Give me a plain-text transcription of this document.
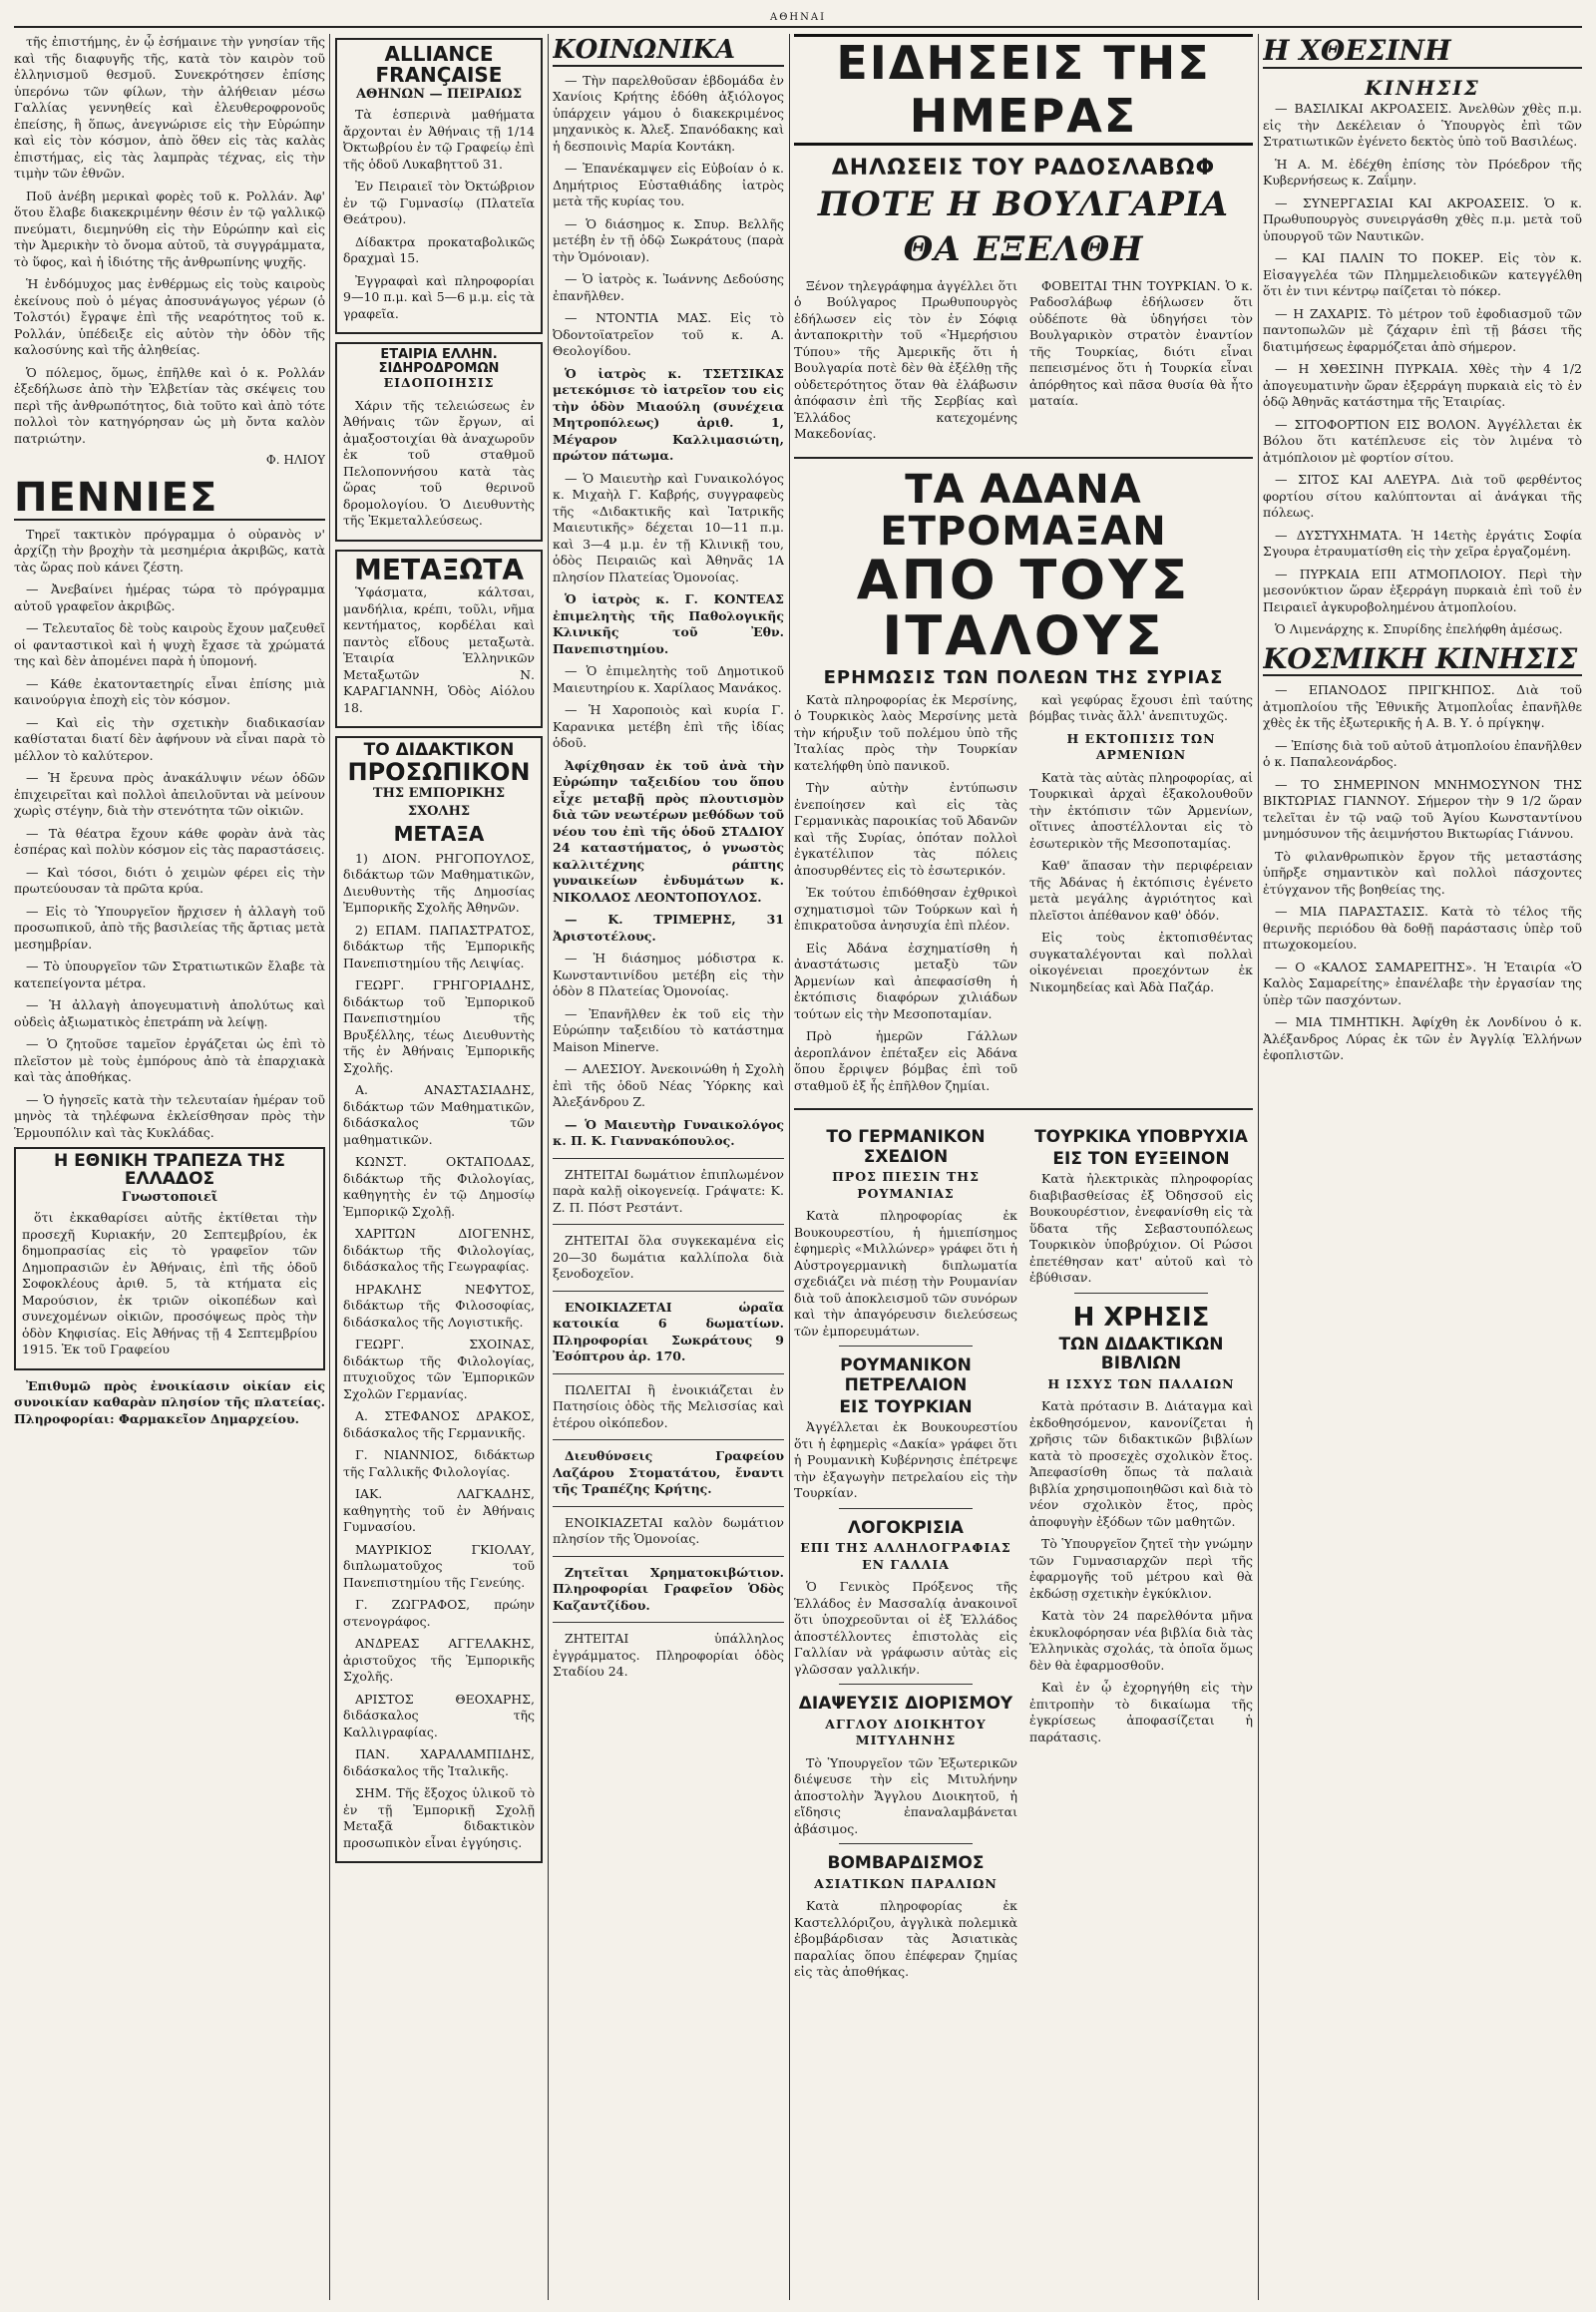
ΑΘΗΝΑΙ

τῆς ἐπιστήμης, ἐν ᾧ ἐσήμαινε τὴν γνησίαν τῆς καὶ τῆς διαφυγῆς τῆς, κατὰ τὸν καιρὸν τοῦ ἐλληνισμοῦ θεσμοῦ. Συνεκρότησεν ἐπίσης ὑπερόνω τῶν φίλων, τὴν ἀλήθειαν μέσω Γαλλίας γεννηθείς καὶ ἐλευθεροφρονοῦς ἐπείσης, ἢ ὅπως, ἀνεγνώρισε εἰς τὴν Εὐρώπην καὶ εἰς τὸν κόσμον, ἀπὸ ὅθεν εἰς τὰς καλὰς ἐπιστήμας, εἰς τὰς λαμπρὰς τέχνας, εἰς τὴν τιμὴν τῶν ἐθνῶν.

Ποῦ ἀνέβη μερικαὶ φορὲς τοῦ κ. Ρολλάν. Ἀφ' ὅτου ἔλαβε διακεκριμένην θέσιν ἐν τῷ γαλλικῷ πνεύματι, διεμηνύθη εἰς τὴν Εὐρώπην καὶ εἰς τὴν Ἀμερικὴν τὸ ὄνομα αὐτοῦ, τὰ συγγράμματα, τὸ ὕφος, καὶ ἡ ἰδιότης τῆς ἀνθρωπίνης ψυχῆς.

Ἡ ἐνδόμυχος μας ἐνθέρμως εἰς τοὺς καιροὺς ἐκείνους ποὺ ὁ μέγας ἀποσυνάγωγος γέρων (ὁ Τολστόι) ἔγραψε ἐπὶ τῆς νεαρότητος τοῦ κ. Ρολλάν, ὑπέδειξε εἰς αὐτὸν τὴν ὁδὸν τῆς καλοσύνης καὶ τῆς ἀληθείας.

Ὁ πόλεμος, ὅμως, ἐπῆλθε καὶ ὁ κ. Ρολλάν ἐξεδήλωσε ἀπὸ τὴν Ἑλβετίαν τὰς σκέψεις του περὶ τῆς ἀνθρωπότητος, διὰ τοῦτο καὶ ἀπὸ τότε πολλοὶ τὸν κατηγόρησαν ὡς μὴ ὄντα καλὸν πατριώτην.

Φ. ΗΛΙΟΥ
ΠΕΝΝΙΕΣ

Τηρεῖ τακτικὸν πρόγραμμα ὁ οὐρανὸς ν' ἀρχίζῃ τὴν βροχὴν τὰ μεσημέρια ἀκριβῶς, κατὰ τὰς ὥρας ποὺ κάνει ζέστη.

— Ἀνεβαίνει ἡμέρας τώρα τὸ πρόγραμμα αὐτοῦ γραφεῖον ἀκριβῶς.

— Τελευταῖος δὲ τοὺς καιροὺς ἔχουν μαζευθεῖ οἱ φανταστικοὶ καὶ ἡ ψυχὴ ἔχασε τὰ χρώματά της καὶ δὲν ἀπομένει παρὰ ἡ ὑπομονή.

— Κάθε ἐκατονταετηρίς εἶναι ἐπίσης μιὰ καινούργια ἐποχὴ εἰς τὸν κόσμον.

— Καὶ εἰς τὴν σχετικὴν διαδικασίαν καθίσταται διατί δὲν ἀφήνουν νὰ εἶναι παρὰ τὸ μέλλον τὸ καλύτερον.

— Ἡ ἔρευνα πρὸς ἀνακάλυψιν νέων ὁδῶν ἐπιχειρεῖται καὶ πολλοὶ ἀπειλοῦνται νὰ μείνουν χωρὶς στέγην, διὰ τὴν στενότητα τῶν οἰκιῶν.

— Τὰ θέατρα ἔχουν κάθε φορὰν ἀνὰ τὰς ἑσπέρας καὶ πολὺν κόσμον εἰς τὰς παραστάσεις.

— Καὶ τόσοι, διότι ὁ χειμὼν φέρει εἰς τὴν πρωτεύουσαν τὰ πρῶτα κρύα.

— Εἰς τὸ Ὑπουργεῖον ἤρχισεν ἡ ἀλλαγὴ τοῦ προσωπικοῦ, ἀπὸ τῆς βασιλείας τῆς ἄρτιας μετὰ μεσημβρίαν.

— Τὸ ὑπουργεῖον τῶν Στρατιωτικῶν ἔλαβε τὰ κατεπείγοντα μέτρα.

— Ἡ ἀλλαγὴ ἀπογευματινὴ ἀπολύτως καὶ οὐδεὶς ἀξιωματικὸς ἐπετράπη νὰ λείψῃ.

— Ὁ ζητοῦσε ταμεῖον ἐργάζεται ὡς ἐπὶ τὸ πλεῖστον μὲ τοὺς ἐμπόρους ἀπὸ τὰ ἐπαρχιακὰ καὶ τὰς ἀποθήκας.

— Ὁ ἠγησεῖς κατὰ τὴν τελευταίαν ἡμέραν τοῦ μηνὸς τὰ τηλέφωνα ἐκλείσθησαν πρὸς τὴν Ἑρμουπόλιν καὶ τὰς Κυκλάδας.

Η ΕΘΝΙΚΗ ΤΡΑΠΕΖΑ ΤΗΣ ΕΛΛΑΔΟΣ
Γνωστοποιεῖ

ὅτι ἐκκαθαρίσει αὐτῆς ἐκτίθεται τὴν προσεχῆ Κυριακήν, 20 Σεπτεμβρίου, ἐκ δημοπρασίας εἰς τὸ γραφεῖον τῶν Δημοπρασιῶν ἐν Ἀθήναις, ἐπὶ τῆς ὁδοῦ Σοφοκλέους ἀριθ. 5, τὰ κτήματα εἰς Μαρούσιον, ἐκ τριῶν οἰκοπέδων καὶ συνεχομένων οἰκιῶν, προσόψεως πρὸς τὴν ὁδὸν Κηφισίας. Εἰς Ἀθήνας τῇ 4 Σεπτεμβρίου 1915. Ἐκ τοῦ Γραφείου

Ἐπιθυμῶ πρὸς ἐνοικίασιν οἰκίαν εἰς συνοικίαν καθαρὰν πλησίον τῆς πλατείας. Πληροφορίαι: Φαρμακεῖον Δημαρχείου.

ALLIANCE FRANÇAISE
ΑΘΗΝΩΝ — ΠΕΙΡΑΙΩΣ

Τὰ ἑσπερινὰ μαθήματα ἄρχονται ἐν Ἀθήναις τῇ 1/14 Ὀκτωβρίου ἐν τῷ Γραφείῳ ἐπὶ τῆς ὁδοῦ Λυκαβηττοῦ 31.

Ἐν Πειραιεῖ τὸν Ὀκτώβριον ἐν τῷ Γυμνασίῳ (Πλατεῖα Θεάτρου).

Δίδακτρα προκαταβολικῶς δραχμαὶ 15.

Ἐγγραφαὶ καὶ πληροφορίαι 9—10 π.μ. καὶ 5—6 μ.μ. εἰς τὰ γραφεῖα.

ΕΤΑΙΡΙΑ ΕΛΛΗΝ. ΣΙΔΗΡΟΔΡΟΜΩΝ
ΕΙΔΟΠΟΙΗΣΙΣ

Χάριν τῆς τελειώσεως ἐν Ἀθήναις τῶν ἔργων, αἱ ἀμαξοστοιχίαι θὰ ἀναχωροῦν ἐκ τοῦ σταθμοῦ Πελοποννήσου κατὰ τὰς ὥρας τοῦ θερινοῦ δρομολογίου. Ὁ Διευθυντὴς τῆς Ἐκμεταλλεύσεως.

ΜΕΤΑΞΩΤΑ

Ὑφάσματα, κάλτσαι, μανδήλια, κρέπι, τοῦλι, νῆμα κεντήματος, κορδέλαι καὶ παντὸς εἴδους μεταξωτὰ. Ἑταιρία Ἑλληνικῶν Μεταξωτῶν Ν. ΚΑΡΑΓΙΑΝΝΗ, Ὁδὸς Αἰόλου 18.

ΤΟ ΔΙΔΑΚΤΙΚΟΝ
ΠΡΟΣΩΠΙΚΟΝ
ΤΗΣ ΕΜΠΟΡΙΚΗΣ ΣΧΟΛΗΣ
ΜΕΤΑΞΑ

1) ΔΙΟΝ. ΡΗΓΟΠΟΥΛΟΣ, διδάκτωρ τῶν Μαθηματικῶν, Διευθυντὴς τῆς Δημοσίας Ἐμπορικῆς Σχολῆς Ἀθηνῶν.

2) ΕΠΑΜ. ΠΑΠΑΣΤΡΑΤΟΣ, διδάκτωρ τῆς Ἐμπορικῆς Πανεπιστημίου τῆς Λειψίας.

ΓΕΩΡΓ. ΓΡΗΓΟΡΙΑΔΗΣ, διδάκτωρ τοῦ Ἐμπορικοῦ Πανεπιστημίου τῆς Βρυξέλλης, τέως Διευθυντὴς τῆς ἐν Ἀθήναις Ἐμπορικῆς Σχολῆς.

Α. ΑΝΑΣΤΑΣΙΑΔΗΣ, διδάκτωρ τῶν Μαθηματικῶν, διδάσκαλος τῶν μαθηματικῶν.

ΚΩΝΣΤ. ΟΚΤΑΠΟΔΑΣ, διδάκτωρ τῆς Φιλολογίας, καθηγητὴς ἐν τῷ Δημοσίῳ Ἐμπορικῷ Σχολῇ.

ΧΑΡΙΤΩΝ ΔΙΟΓΕΝΗΣ, διδάκτωρ τῆς Φιλολογίας, διδάσκαλος τῆς Γεωγραφίας.

ΗΡΑΚΛΗΣ ΝΕΦΥΤΟΣ, διδάκτωρ τῆς Φιλοσοφίας, διδάσκαλος τῆς Λογιστικῆς.

ΓΕΩΡΓ. ΣΧΟΙΝΑΣ, διδάκτωρ τῆς Φιλολογίας, πτυχιοῦχος τῶν Ἐμπορικῶν Σχολῶν Γερμανίας.

Α. ΣΤΕΦΑΝΟΣ ΔΡΑΚΟΣ, διδάσκαλος τῆς Γερμανικῆς.

Γ. ΝΙΑΝΝΙΟΣ, διδάκτωρ τῆς Γαλλικῆς Φιλολογίας.

ΙΑΚ. ΛΑΓΚΑΔΗΣ, καθηγητὴς τοῦ ἐν Ἀθήναις Γυμνασίου.

ΜΑΥΡΙΚΙΟΣ ΓΚΙΟΛΑΥ, διπλωματοῦχος τοῦ Πανεπιστημίου τῆς Γενεύης.

Γ. ΖΩΓΡΑΦΟΣ, πρώην στενογράφος.

ΑΝΔΡΕΑΣ ΑΓΓΕΛΑΚΗΣ, ἀριστοῦχος τῆς Ἐμπορικῆς Σχολῆς.

ΑΡΙΣΤΟΣ ΘΕΟΧΑΡΗΣ, διδάσκαλος τῆς Καλλιγραφίας.

ΠΑΝ. ΧΑΡΑΛΑΜΠΙΔΗΣ, διδάσκαλος τῆς Ἰταλικῆς.

ΣΗΜ. Τῆς ἔξοχος ὑλικοῦ τὸ ἐν τῇ Ἐμπορικῇ Σχολῇ Μεταξᾶ διδακτικὸν προσωπικὸν εἶναι ἐγγύησις.

ΚΟΙΝΩΝΙΚΑ

— Τὴν παρελθοῦσαν ἑβδομάδα ἐν Χανίοις Κρήτης ἐδόθη ἀξιόλογος ὑπάρχειν γάμου ὁ διακεκριμένος μηχανικὸς κ. Ἀλεξ. Σπανόδακης καὶ ἡ δεσποινὶς Μαρία Κοντάκη.

— Ἐπανέκαμψεν εἰς Εὐβοίαν ὁ κ. Δημήτριος Εὐσταθιάδης ἰατρὸς μετὰ τῆς κυρίας του.

— Ὁ διάσημος κ. Σπυρ. Βελλῆς μετέβη ἐν τῇ ὁδῷ Σωκράτους (παρὰ τὴν Ὁμόνοιαν).

— Ὁ ἰατρὸς κ. Ἰωάννης Δεδούσης ἐπανῆλθεν.

— ΝΤΟΝΤΙΑ ΜΑΣ. Εἰς τὸ Ὀδοντοϊατρεῖον τοῦ κ. Α. Θεολογίδου.

Ὁ ἰατρὸς κ. ΤΣΕΤΣΙΚΑΣ μετεκόμισε τὸ ἰατρεῖον του εἰς τὴν ὁδὸν Μιαούλη (συνέχεια Μητροπόλεως) ἀριθ. 1, Μέγαρον Καλλιμασιώτη, πρώτον πάτωμα.

— Ὁ Μαιευτὴρ καὶ Γυναικολόγος κ. Μιχαὴλ Γ. Καβρής, συγγραφεὺς τῆς «Διδακτικῆς καὶ Ἰατρικῆς Μαιευτικῆς» δέχεται 10—11 π.μ. καὶ 3—4 μ.μ. ἐν τῇ Κλινικῇ του, ὁδὸς Πειραιῶς καὶ Ἀθηνᾶς 1Α πλησίον Πλατείας Ὁμονοίας.

Ὁ ἰατρὸς κ. Γ. ΚΟΝΤΕΑΣ ἐπιμελητὴς τῆς Παθολογικῆς Κλινικῆς τοῦ Ἐθν. Πανεπιστημίου.

— Ὁ ἐπιμελητὴς τοῦ Δημοτικοῦ Μαιευτηρίου κ. Χαρίλαος Μανάκος.

— Ἡ Χαροποιὸς καὶ κυρία Γ. Καρανικα μετέβη ἐπὶ τῆς ἰδίας ὁδοῦ.

Ἀφίχθησαν ἐκ τοῦ ἀνὰ τὴν Εὐρώπην ταξειδίου του ὅπου εἶχε μεταβῇ πρὸς πλουτισμὸν διὰ τῶν νεωτέρων μεθόδων τοῦ νέου του ἐπὶ τῆς ὁδοῦ ΣΤΑΔΙΟΥ 24 καταστήματος, ὁ γνωστὸς καλλιτέχνης ράπτης γυναικείων ἐνδυμάτων κ. ΝΙΚΟΛΑΟΣ ΛΕΟΝΤΟΠΟΥΛΟΣ.

— Κ. ΤΡΙΜΕΡΗΣ, 31 Ἀριστοτέλους.

— Ἡ διάσημος μόδιστρα κ. Κωνσταντινίδου μετέβη εἰς τὴν ὁδὸν 8 Πλατείας Ὁμονοίας.

— Ἐπανῆλθεν ἐκ τοῦ εἰς τὴν Εὐρώπην ταξειδίου τὸ κατάστημα Maison Minerve.

— ΑΛΕΣΙΟΥ. Ἀνεκοινώθη ἡ Σχολὴ ἐπὶ τῆς ὁδοῦ Νέας Ὑόρκης καὶ Ἀλεξάνδρου Ζ.

— Ὁ Μαιευτὴρ Γυναικολόγος κ. Π. Κ. Γιαννακόπουλος.

ΖΗΤΕΙΤΑΙ δωμάτιον ἐπιπλωμένον παρὰ καλῇ οἰκογενείᾳ. Γράψατε: Κ. Ζ. Π. Πόστ Ρεστάντ.

ΖΗΤΕΙΤΑΙ ὅλα συγκεκαμένα εἰς 20—30 δωμάτια καλλίπολα διὰ ξενοδοχεῖον.

ΕΝΟΙΚΙΑΖΕΤΑΙ ὡραῖα κατοικία 6 δωματίων. Πληροφορίαι Σωκράτους 9 Ἐσόπτρου ἀρ. 170.

ΠΩΛΕΙΤΑΙ ἢ ἐνοικιάζεται ἐν Πατησίοις ὁδὸς τῆς Μελισσίας καὶ ἑτέρου οἰκόπεδον.

Διευθύνσεις Γραφείου Λαζάρου Στοματάτου, ἔναντι τῆς Τραπέζης Κρήτης.

ΕΝΟΙΚΙΑΖΕΤΑΙ καλὸν δωμάτιον πλησίον τῆς Ὁμονοίας.

Ζητεῖται Χρηματοκιβώτιον. Πληροφορίαι Γραφεῖον Ὁδὸς Καζαντζίδου.

ΖΗΤΕΙΤΑΙ ὑπάλληλος ἐγγράμματος. Πληροφορίαι ὁδὸς Σταδίου 24.

ΕΙΔΗΣΕΙΣ ΤΗΣ ΗΜΕΡΑΣ
ΔΗΛΩΣΕΙΣ ΤΟΥ ΡΑΔΟΣΛΑΒΩΦ
ΠΟΤΕ Η ΒΟΥΛΓΑΡΙΑ ΘΑ ΕΞΕΛΘΗ

Ξένον τηλεγράφημα ἀγγέλλει ὅτι ὁ Βούλγαρος Πρωθυπουργὸς ἐδήλωσεν εἰς τὸν ἐν Σόφιᾳ ἀνταποκριτὴν τοῦ «Ἠμερήσιου Τύπου» τῆς Ἀμερικῆς ὅτι ἡ Βουλγαρία ποτὲ δὲν θὰ ἐξέλθῃ τῆς οὐδετερότητος ὅταν θὰ ἐλάβωσιν ἀπόφασιν ἐπὶ τῆς Σερβίας καὶ Ἑλλάδος κατεχομένης Μακεδονίας.

ΦΟΒΕΙΤΑΙ ΤΗΝ ΤΟΥΡΚΙΑΝ. Ὁ κ. Ραδοσλάβωφ ἐδήλωσεν ὅτι οὐδέποτε θὰ ὑδηγήσει τὸν Βουλγαρικὸν στρατὸν ἐναντίον τῆς Τουρκίας, διότι εἶναι πεπεισμένος ὅτι ἡ Τουρκία εἶναι ἀπόρθητος καὶ πᾶσα θυσία θὰ ἦτο ματαία.

ΤΑ ΑΔΑΝΑ ΕΤΡΟΜΑΞΑΝ
ΑΠΟ ΤΟΥΣ ΙΤΑΛΟΥΣ
ΕΡΗΜΩΣΙΣ ΤΩΝ ΠΟΛΕΩΝ ΤΗΣ ΣΥΡΙΑΣ

Κατὰ πληροφορίας ἐκ Μερσίνης, ὁ Τουρκικὸς λαὸς Μερσίνης μετὰ τὴν κήρυξιν τοῦ πολέμου ὑπὸ τῆς Ἰταλίας πρὸς τὴν Τουρκίαν κατελήφθη ὑπὸ πανικοῦ.

Τὴν αὐτὴν ἐντύπωσιν ἐνεποίησεν καὶ εἰς τὰς Γερμανικὰς παροικίας τοῦ Ἀδανῶν καὶ τῆς Συρίας, ὁπόταν πολλοὶ ἐγκατέλιπον τὰς πόλεις ἀποσυρθέντες εἰς τὸ ἐσωτερικόν.

Ἐκ τούτου ἐπιδόθησαν ἐχθρικοὶ σχηματισμοὶ τῶν Τούρκων καὶ ἡ ἐπικρατοῦσα ἀνησυχία ἐπὶ πλέον.

Εἰς Ἀδάνα ἐσχηματίσθη ἡ ἀναστάτωσις μεταξὺ τῶν Ἀρμενίων καὶ ἀπεφασίσθη ἡ ἐκτόπισις διαφόρων χιλιάδων τούτων εἰς τὴν Μεσοποταμίαν.

Πρὸ ἡμερῶν Γάλλων ἀεροπλάνον ἐπέταξεν εἰς Ἀδάνα ὅπου ἔρριψεν βόμβας ἐπὶ τοῦ σταθμοῦ ἐξ ἧς ἐπῆλθον ζημίαι.

καὶ γεφύρας ἔχουσι ἐπὶ ταύτης βόμβας τινὰς ἄλλ' ἀνεπιτυχῶς.

Η ΕΚΤΟΠΙΣΙΣ ΤΩΝ ΑΡΜΕΝΙΩΝ

Κατὰ τὰς αὐτὰς πληροφορίας, αἱ Τουρκικαὶ ἀρχαὶ ἐξακολουθοῦν τὴν ἐκτόπισιν τῶν Ἀρμενίων, οἵτινες ἀποστέλλονται εἰς τὸ ἐσωτερικὸν τῆς Μεσοποταμίας.

Καθ' ἅπασαν τὴν περιφέρειαν τῆς Ἀδάνας ἡ ἐκτόπισις ἐγένετο μετὰ μεγάλης ἀγριότητος καὶ πλεῖστοι ἀπέθανον καθ' ὁδόν.

Εἰς τοὺς ἐκτοπισθέντας συγκαταλέγονται καὶ πολλαὶ οἰκογένειαι προεχόντων ἐκ Νικομηδείας καὶ Ἀδὰ Παζάρ.

ΤΟ ΓΕΡΜΑΝΙΚΟΝ ΣΧΕΔΙΟΝ
ΠΡΟΣ ΠΙΕΣΙΝ ΤΗΣ ΡΟΥΜΑΝΙΑΣ

Κατὰ πληροφορίας ἐκ Βουκουρεστίου, ἡ ἡμιεπίσημος ἐφημερὶς «Μιλλώνερ» γράφει ὅτι ἡ Αὐστρογερμανικὴ διπλωματία σχεδιάζει νὰ πιέσῃ τὴν Ρουμανίαν διὰ τοῦ ἀποκλεισμοῦ τῶν συνόρων καὶ τὴν ἀπαγόρευσιν διελεύσεως τῶν ἐμπορευμάτων.

ΡΟΥΜΑΝΙΚΟΝ ΠΕΤΡΕΛΑΙΟΝ
ΕΙΣ ΤΟΥΡΚΙΑΝ

Ἀγγέλλεται ἐκ Βουκουρεστίου ὅτι ἡ ἐφημερὶς «Δακία» γράφει ὅτι ἡ Ρουμανικὴ Κυβέρνησις ἐπέτρεψε τὴν ἐξαγωγὴν πετρελαίου εἰς τὴν Τουρκίαν.

ΛΟΓΟΚΡΙΣΙΑ
ΕΠΙ ΤΗΣ ΑΛΛΗΛΟΓΡΑΦΙΑΣ ΕΝ ΓΑΛΛΙΑ

Ὁ Γενικὸς Πρόξενος τῆς Ἑλλάδος ἐν Μασσαλίᾳ ἀνακοινοῖ ὅτι ὑποχρεοῦνται οἱ ἐξ Ἑλλάδος ἀποστέλλοντες ἐπιστολὰς εἰς Γαλλίαν νὰ γράφωσιν αὐτὰς εἰς γλῶσσαν γαλλικήν.

ΔΙΑΨΕΥΣΙΣ ΔΙΟΡΙΣΜΟΥ
ΑΓΓΛΟΥ ΔΙΟΙΚΗΤΟΥ ΜΙΤΥΛΗΝΗΣ

Τὸ Ὑπουργεῖον τῶν Ἐξωτερικῶν διέψευσε τὴν εἰς Μιτυλήνην ἀποστολὴν Ἄγγλου Διοικητοῦ, ἡ εἴδησις ἐπαναλαμβάνεται ἀβάσιμος.

ΒΟΜΒΑΡΔΙΣΜΟΣ
ΑΣΙΑΤΙΚΩΝ ΠΑΡΑΛΙΩΝ

Κατὰ πληροφορίας ἐκ Καστελλόριζου, ἀγγλικὰ πολεμικὰ ἐβομβάρδισαν τὰς Ἀσιατικὰς παραλίας ὅπου ἐπέφεραν ζημίας εἰς τὰς ἀποθήκας.

ΤΟΥΡΚΙΚΑ ΥΠΟΒΡΥΧΙΑ
ΕΙΣ ΤΟΝ ΕΥΞΕΙΝΟΝ

Κατὰ ἠλεκτρικὰς πληροφορίας διαβιβασθείσας ἐξ Ὀδησσοῦ εἰς Βουκουρέστιον, ἐνεφανίσθη εἰς τὰ ὕδατα τῆς Σεβαστουπόλεως Τουρκικὸν ὑποβρύχιον. Οἱ Ρώσοι ἐπετέθησαν κατ' αὐτοῦ καὶ τὸ ἐβύθισαν.

Η ΧΡΗΣΙΣ
ΤΩΝ ΔΙΔΑΚΤΙΚΩΝ ΒΙΒΛΙΩΝ
Η ΙΣΧΥΣ ΤΩΝ ΠΑΛΑΙΩΝ

Κατὰ πρότασιν Β. Διάταγμα καὶ ἐκδοθησόμενον, κανονίζεται ἡ χρῆσις τῶν διδακτικῶν βιβλίων κατὰ τὸ προσεχὲς σχολικὸν ἔτος. Ἀπεφασίσθη ὅπως τὰ παλαιὰ βιβλία χρησιμοποιηθῶσι καὶ διὰ τὸ νέον σχολικὸν ἔτος, πρὸς ἀποφυγὴν ἐξόδων τῶν μαθητῶν.

Τὸ Ὑπουργεῖον ζητεῖ τὴν γνώμην τῶν Γυμνασιαρχῶν περὶ τῆς ἐφαρμογῆς τοῦ μέτρου καὶ θὰ ἐκδώσῃ σχετικὴν ἐγκύκλιον.

Κατὰ τὸν 24 παρελθόντα μῆνα ἐκυκλοφόρησαν νέα βιβλία διὰ τὰς Ἑλληνικὰς σχολάς, τὰ ὁποῖα ὅμως δὲν θὰ ἐφαρμοσθοῦν.

Καὶ ἐν ᾧ ἐχορηγήθη εἰς τὴν ἐπιτροπὴν τὸ δικαίωμα τῆς ἐγκρίσεως ἀποφασίζεται ἡ παράτασις.

Η ΧΘΕΣΙΝΗ
ΚΙΝΗΣΙΣ

— ΒΑΣΙΛΙΚΑΙ ΑΚΡΟΑΣΕΙΣ. Ἀνελθὼν χθὲς π.μ. εἰς τὴν Δεκέλειαν ὁ Ὑπουργὸς ἐπὶ τῶν Στρατιωτικῶν ἐγένετο δεκτὸς ὑπὸ τοῦ Βασιλέως.

Ἡ Α. Μ. ἐδέχθη ἐπίσης τὸν Πρόεδρον τῆς Κυβερνήσεως κ. Ζαΐμην.

— ΣΥΝΕΡΓΑΣΙΑΙ ΚΑΙ ΑΚΡΟΑΣΕΙΣ. Ὁ κ. Πρωθυπουργὸς συνειργάσθη χθὲς π.μ. μετὰ τοῦ ὑπουργοῦ τῶν Ναυτικῶν.

— ΚΑΙ ΠΑΛΙΝ ΤΟ ΠΟΚΕΡ. Εἰς τὸν κ. Εἰσαγγελέα τῶν Πλημμελειοδικῶν κατεγγέλθη ὅτι ἐν τινι κέντρῳ παίζεται τὸ πόκερ.

— Η ΖΑΧΑΡΙΣ. Τὸ μέτρον τοῦ ἐφοδιασμοῦ τῶν παντοπωλῶν μὲ ζάχαριν ἐπὶ τῇ βάσει τῆς διατιμήσεως ἐφαρμόζεται ἀπὸ σήμερον.

— Η ΧΘΕΣΙΝΗ ΠΥΡΚΑΙΑ. Χθὲς τὴν 4 1/2 ἀπογευματινὴν ὥραν ἐξερράγη πυρκαιὰ εἰς τὸ ἐν ὁδῷ Ἀθηνᾶς κατάστημα τῆς Ἑταιρίας.

— ΣΙΤΟΦΟΡΤΙΟΝ ΕΙΣ ΒΟΛΟΝ. Ἀγγέλλεται ἐκ Βόλου ὅτι κατέπλευσε εἰς τὸν λιμένα τὸ ἀτμόπλοιον μὲ φορτίον σίτου.

— ΣΙΤΟΣ ΚΑΙ ΑΛΕΥΡΑ. Διὰ τοῦ φερθέντος φορτίου σίτου καλύπτονται αἱ ἀνάγκαι τῆς πόλεως.

— ΔΥΣΤΥΧΗΜΑΤΑ. Ἡ 14ετὴς ἐργάτις Σοφία Σγουρα ἐτραυματίσθη εἰς τὴν χεῖρα ἐργαζομένη.

— ΠΥΡΚΑΙΑ ΕΠΙ ΑΤΜΟΠΛΟΙΟΥ. Περὶ τὴν μεσονύκτιον ὥραν ἐξερράγη πυρκαιὰ ἐπὶ τοῦ ἐν Πειραιεῖ ἀγκυροβολημένου ἀτμοπλοίου.

Ὁ Λιμενάρχης κ. Σπυρίδης ἐπελήφθη ἀμέσως.

ΚΟΣΜΙΚΗ ΚΙΝΗΣΙΣ

— ΕΠΑΝΟΔΟΣ ΠΡΙΓΚΗΠΟΣ. Διὰ τοῦ ἀτμοπλοίου τῆς Ἐθνικῆς Ἀτμοπλοΐας ἐπανῆλθε χθὲς ἐκ τῆς ἐξωτερικῆς ἡ Α. Β. Υ. ὁ πρίγκηψ.

— Ἐπίσης διὰ τοῦ αὐτοῦ ἀτμοπλοίου ἐπανῆλθεν ὁ κ. Παπαλεονάρδος.

— ΤΟ ΣΗΜΕΡΙΝΟΝ ΜΝΗΜΟΣΥΝΟΝ ΤΗΣ ΒΙΚΤΩΡΙΑΣ ΓΙΑΝΝΟΥ. Σήμερον τὴν 9 1/2 ὥραν τελεῖται ἐν τῷ ναῷ τοῦ Ἁγίου Κωνσταντίνου μνημόσυνον τῆς ἀειμνήστου Βικτωρίας Γιάννου.

Τὸ φιλανθρωπικὸν ἔργον τῆς μεταστάσης ὑπῆρξε σημαντικὸν καὶ πολλοὶ πάσχοντες ἐτύγχανον τῆς βοηθείας της.

— ΜΙΑ ΠΑΡΑΣΤΑΣΙΣ. Κατὰ τὸ τέλος τῆς θερινῆς περιόδου θὰ δοθῇ παράστασις ὑπὲρ τοῦ πτωχοκομείου.

— Ο «ΚΑΛΟΣ ΣΑΜΑΡΕΙΤΗΣ». Ἡ Ἐταιρία «Ὁ Καλὸς Σαμαρείτης» ἐπανέλαβε τὴν ἐργασίαν της ὑπὲρ τῶν πασχόντων.

— ΜΙΑ ΤΙΜΗΤΙΚΗ. Ἀφίχθη ἐκ Λονδίνου ὁ κ. Ἀλέξανδρος Λύρας ἐκ τῶν ἐν Ἀγγλίᾳ Ἑλλήνων ἐφοπλιστῶν.
